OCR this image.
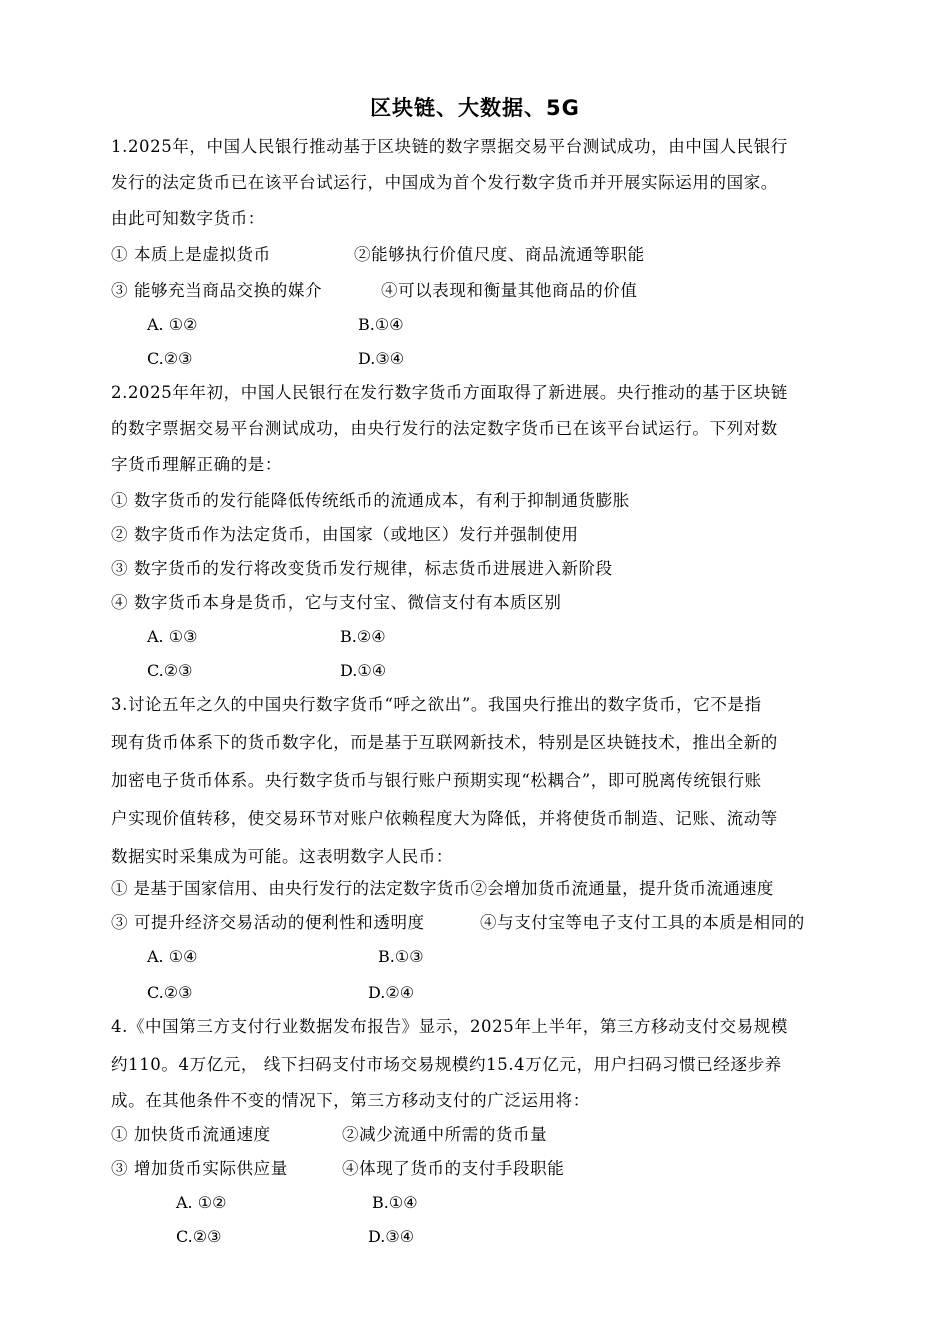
区块链、大数据、5G
1.2025年，中国人民银行推动基于区块链的数字票据交易平台测试成功，由中国人民银行
发行的法定货币已在该平台试运行，中国成为首个发行数字货币并开展实际运用的国家。
由此可知数字货币：
① 本质上是虚拟货币	②能够执行价值尺度、商品流通等职能
③ 能够充当商品交换的媒介	④可以表现和衡量其他商品的价值
A. ①②	B.①④
C.②③	D.③④
2.2025年年初，中国人民银行在发行数字货币方面取得了新进展。央行推动的基于区块链
的数字票据交易平台测试成功，由央行发行的法定数字货币已在该平台试运行。下列对数
字货币理解正确的是：
① 数字货币的发行能降低传统纸币的流通成本，有利于抑制通货膨胀
② 数字货币作为法定货币，由国家（或地区）发行并强制使用
③ 数字货币的发行将改变货币发行规律，标志货币进展进入新阶段
④ 数字货币本身是货币，它与支付宝、微信支付有本质区别
A. ①③	B.②④
C.②③	D.①④
3.讨论五年之久的中国央行数字货币“呼之欲出”。我国央行推出的数字货币，它不是指
现有货币体系下的货币数字化，而是基于互联网新技术，特别是区块链技术，推出全新的
加密电子货币体系。央行数字货币与银行账户预期实现“松耦合”，即可脱离传统银行账
户实现价值转移，使交易环节对账户依赖程度大为降低，并将使货币制造、记账、流动等
数据实时采集成为可能。这表明数字人民币：
① 是基于国家信用、由央行发行的法定数字货币②会增加货币流通量，提升货币流通速度
③ 可提升经济交易活动的便利性和透明度	④与支付宝等电子支付工具的本质是相同的
A. ①④	B.①③
C.②③	D.②④
4.《中国第三方支付行业数据发布报告》显示，2025年上半年，第三方移动支付交易规模
约110。4万亿元， 线下扫码支付市场交易规模约15.4万亿元，用户扫码习惯已经逐步养
成。在其他条件不变的情况下，第三方移动支付的广泛运用将：
① 加快货币流通速度	②减少流通中所需的货币量
③ 增加货币实际供应量	④体现了货币的支付手段职能
A. ①②	B.①④
C.②③	D.③④
